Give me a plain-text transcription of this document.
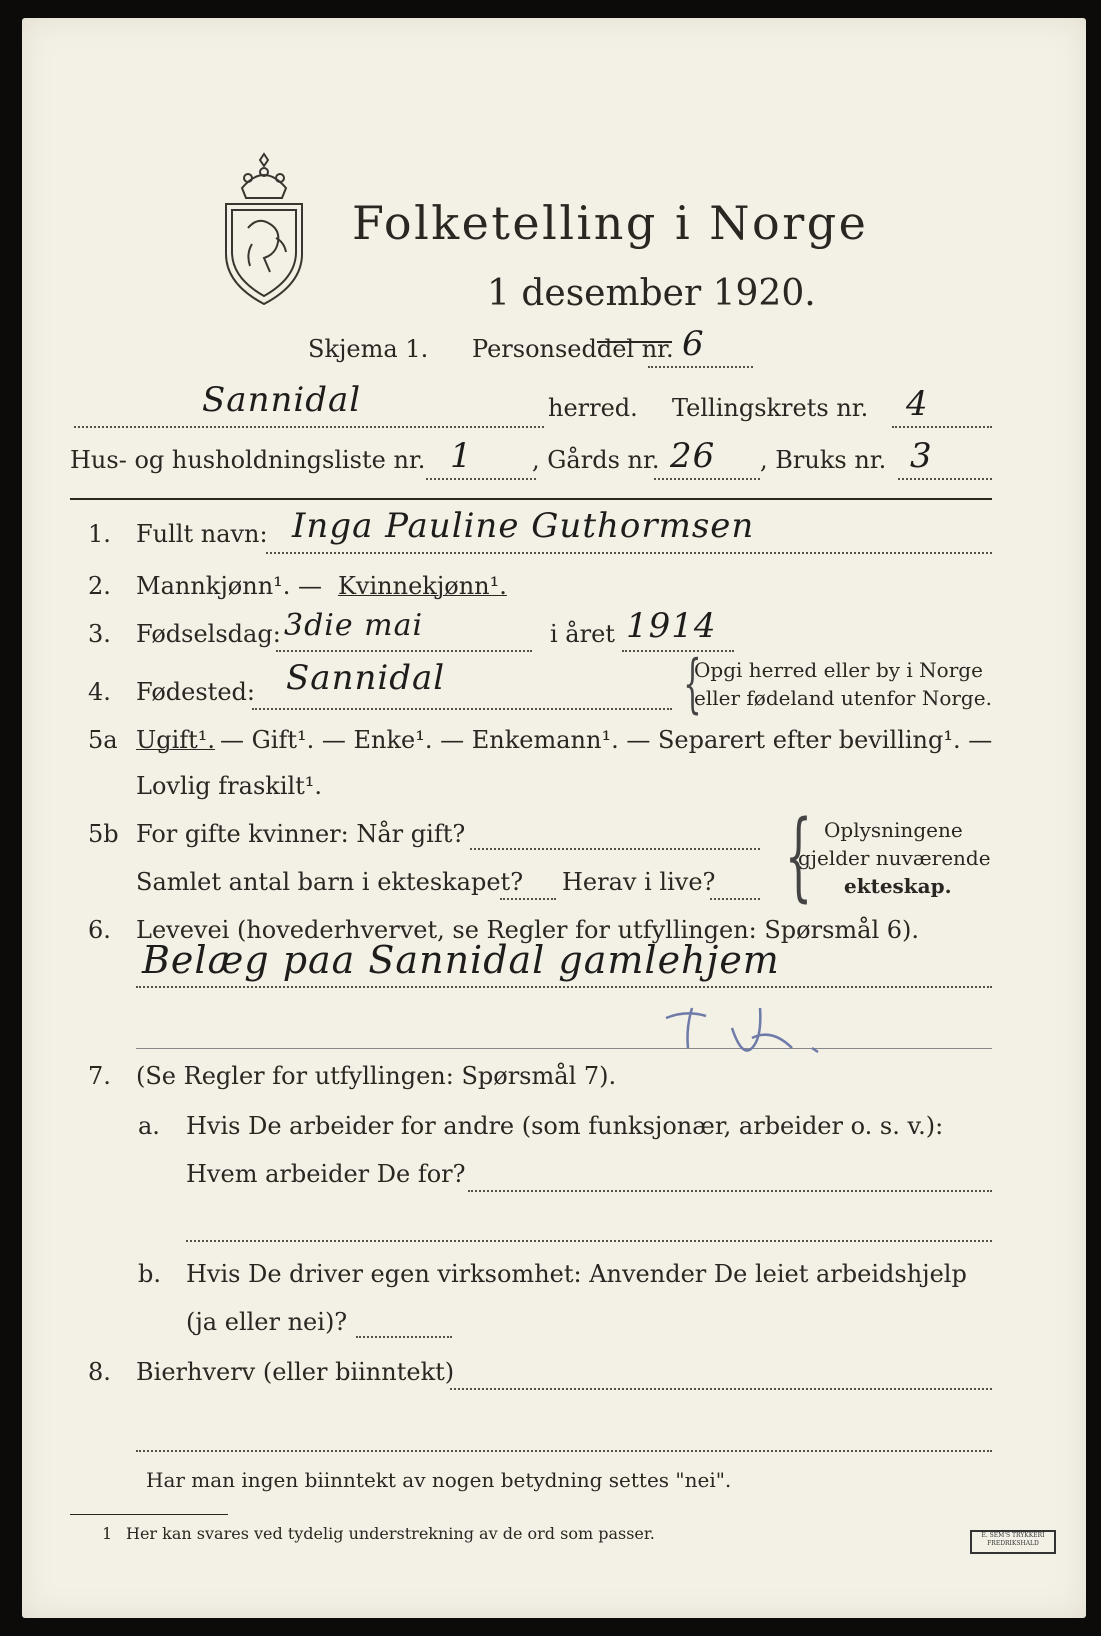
Folketelling i Norge
1 desember 1920.
Skjema 1. Personseddel nr. 6
Sannidal	herred. Tellingskrets nr. 4
Hus- og husholdningsliste nr. 1 , Gårds nr. 26 , Bruks nr. 3
1. Fullt navn: Inga Pauline Guthormsen
2. Mannkjønn¹. — Kvinnekjønn¹.
3. Fødselsdag: 3die mai	i året 1914
4. Fødested: Sannidal	{
Opgi herred eller by i Norge
eller fødeland utenfor Norge.
5a Ugift¹. — Gift¹. — Enke¹. — Enkemann¹. — Separert efter bevilling¹. —
Lovlig fraskilt¹.
5b For gifte kvinner: Når gift?
Samlet antal barn i ekteskapet? Herav i live? { Oplysningene
gjelder nuværende
ekteskap.
6. Levevei (hovederhvervet, se Regler for utfyllingen: Spørsmål 6).
Belæg paa Sannidal gamlehjem
7. (Se Regler for utfyllingen: Spørsmål 7).
a. Hvis De arbeider for andre (som funksjonær, arbeider o. s. v.):
Hvem arbeider De for?
b. Hvis De driver egen virksomhet: Anvender De leiet arbeidshjelp
(ja eller nei)?
8. Bierhverv (eller biinntekt)
Har man ingen biinntekt av nogen betydning settes "nei".
1 Her kan svares ved tydelig understrekning av de ord som passer.	E. SEM'S TRYKKERI
FREDRIKSHALD
